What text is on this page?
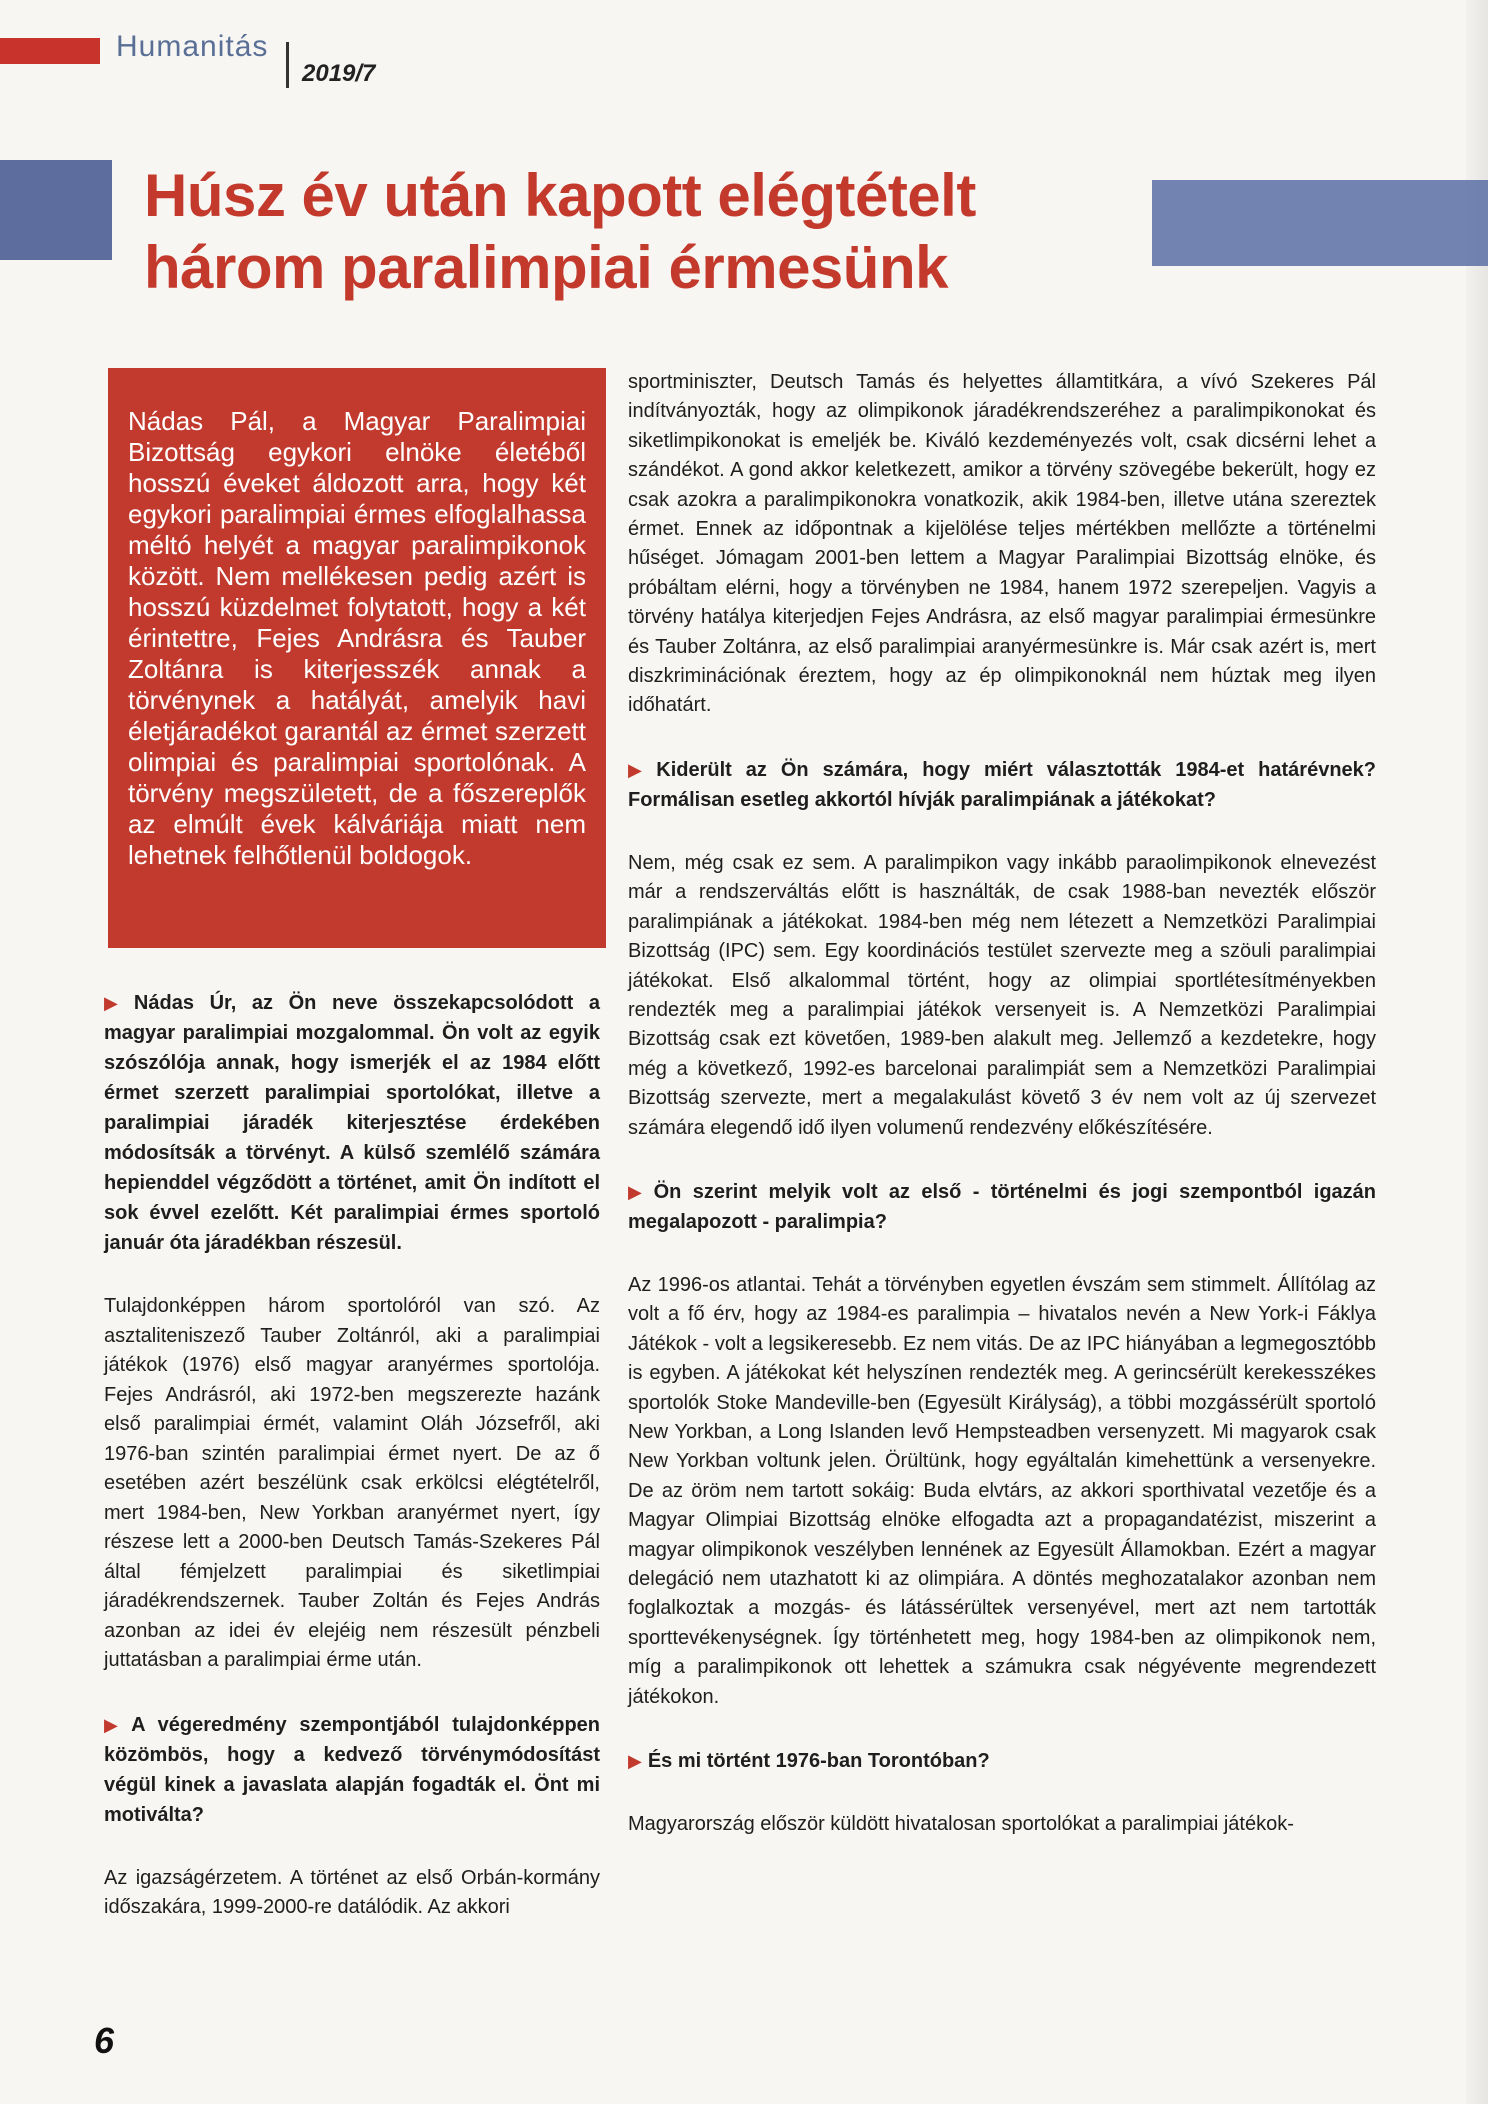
Humanitás
2019/7
Húsz év után kapott elégtételt három paralimpiai érmesünk

Nádas Pál, a Magyar Paralimpiai Bizottság egykori elnöke életéből hosszú éveket áldozott arra, hogy két egykori paralimpiai érmes elfoglalhassa méltó helyét a magyar paralimpikonok között. Nem mellékesen pedig azért is hosszú küzdelmet folytatott, hogy a két érintettre, Fejes Andrásra és Tauber Zoltánra is kiterjesszék annak a törvénynek a hatályát, amelyik havi életjáradékot garantál az érmet szerzett olimpiai és paralimpiai sportolónak. A törvény megszületett, de a főszereplők az elmúlt évek kálváriája miatt nem lehetnek felhőtlenül boldogok.

▶ Nádas Úr, az Ön neve összekapcsolódott a magyar paralimpiai mozgalommal. Ön volt az egyik szószólója annak, hogy ismerjék el az 1984 előtt érmet szerzett paralimpiai sportolókat, illetve a paralimpiai járadék kiterjesztése érdekében módosítsák a törvényt. A külső szemlélő számára hepienddel végződött a történet, amit Ön indított el sok évvel ezelőtt. Két paralimpiai érmes sportoló január óta járadékban részesül.

Tulajdonképpen három sportolóról van szó. Az asztaliteniszező Tauber Zoltánról, aki a paralimpiai játékok (1976) első magyar aranyérmes sportolója. Fejes Andrásról, aki 1972-ben megszerezte hazánk első paralimpiai érmét, valamint Oláh Józsefről, aki 1976-ban szintén paralimpiai érmet nyert. De az ő esetében azért beszélünk csak erkölcsi elégtételről, mert 1984-ben, New Yorkban aranyérmet nyert, így részese lett a 2000-ben Deutsch Tamás-Szekeres Pál által fémjelzett paralimpiai és siketlimpiai járadékrendszernek. Tauber Zoltán és Fejes András azonban az idei év elejéig nem részesült pénzbeli juttatásban a paralimpiai érme után.

▶ A végeredmény szempontjából tulajdonképpen közömbös, hogy a kedvező törvénymódosítást végül kinek a javaslata alapján fogadták el. Önt mi motiválta?

Az igazságérzetem. A történet az első Orbán-kormány időszakára, 1999-2000-re datálódik. Az akkori

sportminiszter, Deutsch Tamás és helyettes államtitkára, a vívó Szekeres Pál indítványozták, hogy az olimpikonok járadékrendszeréhez a paralimpikonokat és siketlimpikonokat is emeljék be. Kiváló kezdeményezés volt, csak dicsérni lehet a szándékot. A gond akkor keletkezett, amikor a törvény szövegébe bekerült, hogy ez csak azokra a paralimpikonokra vonatkozik, akik 1984-ben, illetve utána szereztek érmet. Ennek az időpontnak a kijelölése teljes mértékben mellőzte a történelmi hűséget. Jómagam 2001-ben lettem a Magyar Paralimpiai Bizottság elnöke, és próbáltam elérni, hogy a törvényben ne 1984, hanem 1972 szerepeljen. Vagyis a törvény hatálya kiterjedjen Fejes Andrásra, az első magyar paralimpiai érmesünkre és Tauber Zoltánra, az első paralimpiai aranyérmesünkre is. Már csak azért is, mert diszkriminációnak éreztem, hogy az ép olimpikonoknál nem húztak meg ilyen időhatárt.

▶ Kiderült az Ön számára, hogy miért választották 1984-et határévnek? Formálisan esetleg akkortól hívják paralimpiának a játékokat?

Nem, még csak ez sem. A paralimpikon vagy inkább paraolimpikonok elnevezést már a rendszerváltás előtt is használták, de csak 1988-ban nevezték először paralimpiának a játékokat. 1984-ben még nem létezett a Nemzetközi Paralimpiai Bizottság (IPC) sem. Egy koordinációs testület szervezte meg a szöuli paralimpiai játékokat. Első alkalommal történt, hogy az olimpiai sportlétesítményekben rendezték meg a paralimpiai játékok versenyeit is. A Nemzetközi Paralimpiai Bizottság csak ezt követően, 1989-ben alakult meg. Jellemző a kezdetekre, hogy még a következő, 1992-es barcelonai paralimpiát sem a Nemzetközi Paralimpiai Bizottság szervezte, mert a megalakulást követő 3 év nem volt az új szervezet számára elegendő idő ilyen volumenű rendezvény előkészítésére.

▶ Ön szerint melyik volt az első - történelmi és jogi szempontból igazán megalapozott - paralimpia?

Az 1996-os atlantai. Tehát a törvényben egyetlen évszám sem stimmelt. Állítólag az volt a fő érv, hogy az 1984-es paralimpia – hivatalos nevén a New York-i Fáklya Játékok - volt a legsikeresebb. Ez nem vitás. De az IPC hiányában a legmegosztóbb is egyben. A játékokat két helyszínen rendezték meg. A gerincsérült kerekesszékes sportolók Stoke Mandeville-ben (Egyesült Királyság), a többi mozgássérült sportoló New Yorkban, a Long Islanden levő Hempsteadben versenyzett. Mi magyarok csak New Yorkban voltunk jelen. Örültünk, hogy egyáltalán kimehettünk a versenyekre. De az öröm nem tartott sokáig: Buda elvtárs, az akkori sporthivatal vezetője és a Magyar Olimpiai Bizottság elnöke elfogadta azt a propagandatézist, miszerint a magyar olimpikonok veszélyben lennének az Egyesült Államokban. Ezért a magyar delegáció nem utazhatott ki az olimpiára. A döntés meghozatalakor azonban nem foglalkoztak a mozgás- és látássérültek versenyével, mert azt nem tartották sporttevékenységnek. Így történhetett meg, hogy 1984-ben az olimpikonok nem, míg a paralimpikonok ott lehettek a számukra csak négyévente megrendezett játékokon.

▶ És mi történt 1976-ban Torontóban?

Magyarország először küldött hivatalosan sportolókat a paralimpiai játékok-

6
